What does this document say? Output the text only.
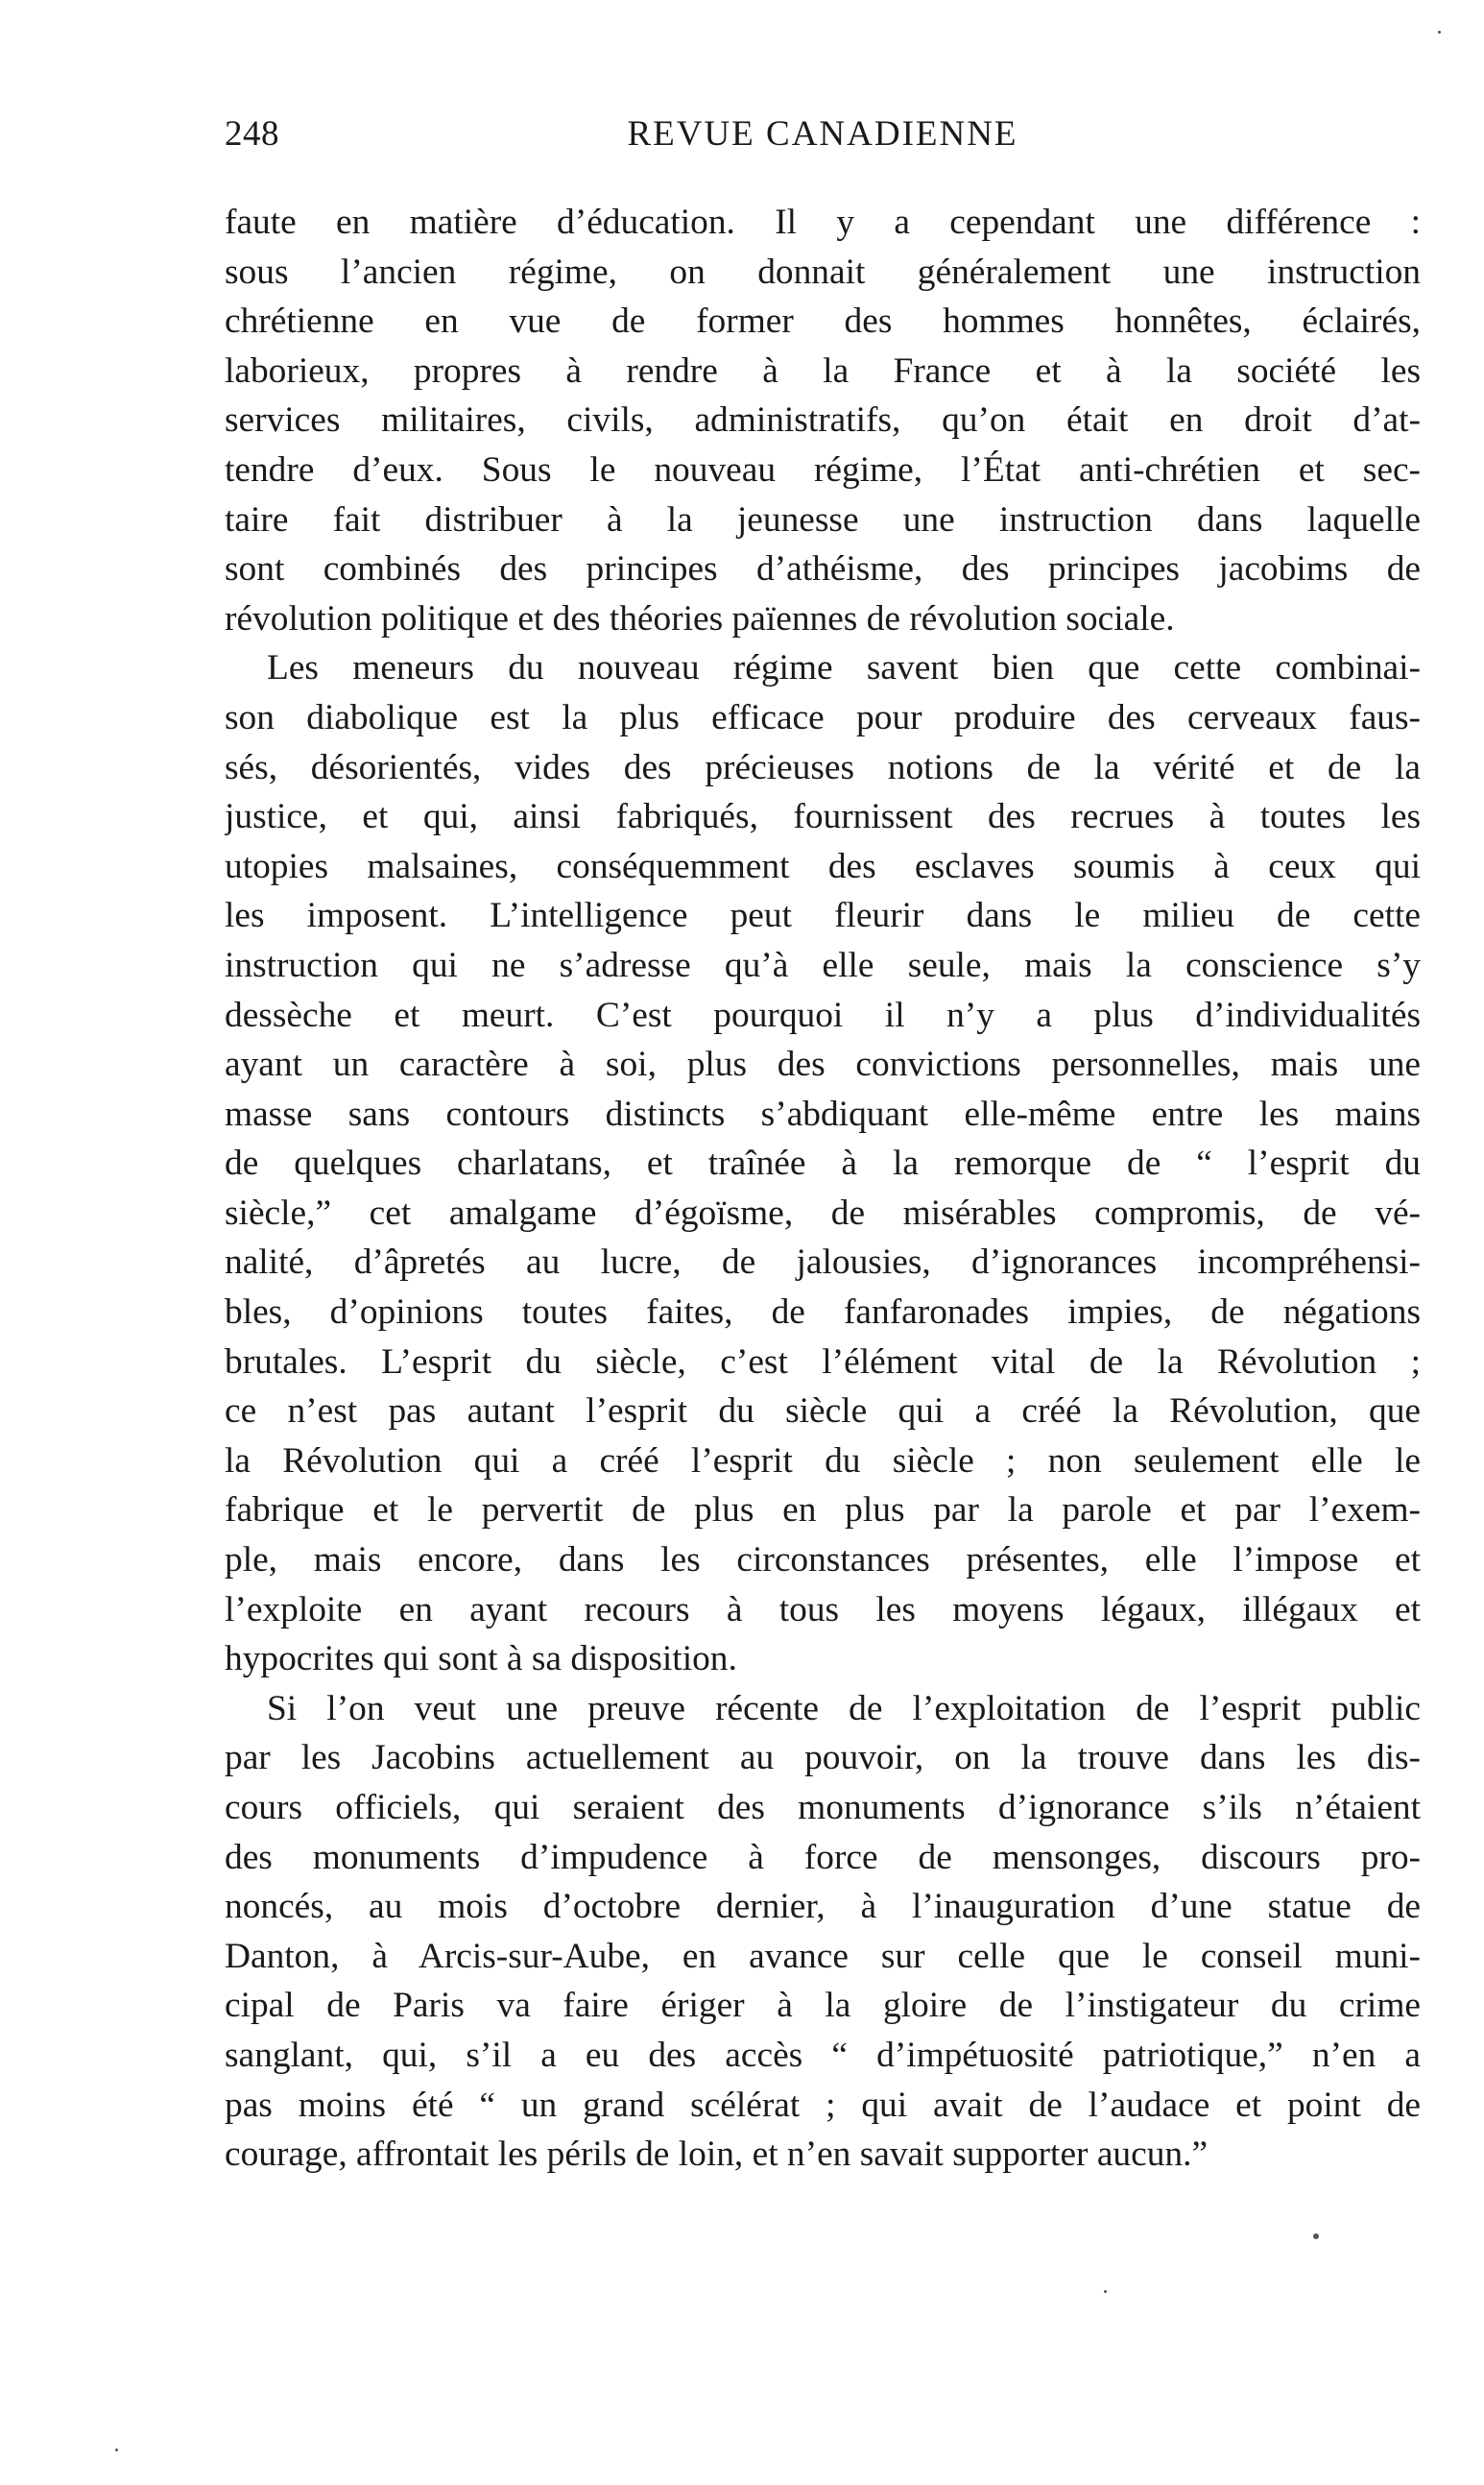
248	REVUE CANADIENNE
faute en matière d’éducation. Il y a cependant une différence :
sous l’ancien régime, on donnait généralement une instruction
chrétienne en vue de former des hommes honnêtes, éclairés,
laborieux, propres à rendre à la France et à la société les
services militaires, civils, administratifs, qu’on était en droit d’at-
tendre d’eux. Sous le nouveau régime, l’État anti-chrétien et sec-
taire fait distribuer à la jeunesse une instruction dans laquelle
sont combinés des principes d’athéisme, des principes jacobims de
révolution politique et des théories païennes de révolution sociale.
Les meneurs du nouveau régime savent bien que cette combinai-
son diabolique est la plus efficace pour produire des cerveaux faus-
sés, désorientés, vides des précieuses notions de la vérité et de la
justice, et qui, ainsi fabriqués, fournissent des recrues à toutes les
utopies malsaines, conséquemment des esclaves soumis à ceux qui
les imposent. L’intelligence peut fleurir dans le milieu de cette
instruction qui ne s’adresse qu’à elle seule, mais la conscience s’y
dessèche et meurt. C’est pourquoi il n’y a plus d’individualités
ayant un caractère à soi, plus des convictions personnelles, mais une
masse sans contours distincts s’abdiquant elle-même entre les mains
de quelques charlatans, et traînée à la remorque de “ l’esprit du
siècle,” cet amalgame d’égoïsme, de misérables compromis, de vé-
nalité, d’âpretés au lucre, de jalousies, d’ignorances incompréhensi-
bles, d’opinions toutes faites, de fanfaronades impies, de négations
brutales. L’esprit du siècle, c’est l’élément vital de la Révolution ;
ce n’est pas autant l’esprit du siècle qui a créé la Révolution, que
la Révolution qui a créé l’esprit du siècle ; non seulement elle le
fabrique et le pervertit de plus en plus par la parole et par l’exem-
ple, mais encore, dans les circonstances présentes, elle l’impose et
l’exploite en ayant recours à tous les moyens légaux, illégaux et
hypocrites qui sont à sa disposition.
Si l’on veut une preuve récente de l’exploitation de l’esprit public
par les Jacobins actuellement au pouvoir, on la trouve dans les dis-
cours officiels, qui seraient des monuments d’ignorance s’ils n’étaient
des monuments d’impudence à force de mensonges, discours pro-
noncés, au mois d’octobre dernier, à l’inauguration d’une statue de
Danton, à Arcis-sur-Aube, en avance sur celle que le conseil muni-
cipal de Paris va faire ériger à la gloire de l’instigateur du crime
sanglant, qui, s’il a eu des accès “ d’impétuosité patriotique,” n’en a
pas moins été “ un grand scélérat ; qui avait de l’audace et point de
courage, affrontait les périls de loin, et n’en savait supporter aucun.”
